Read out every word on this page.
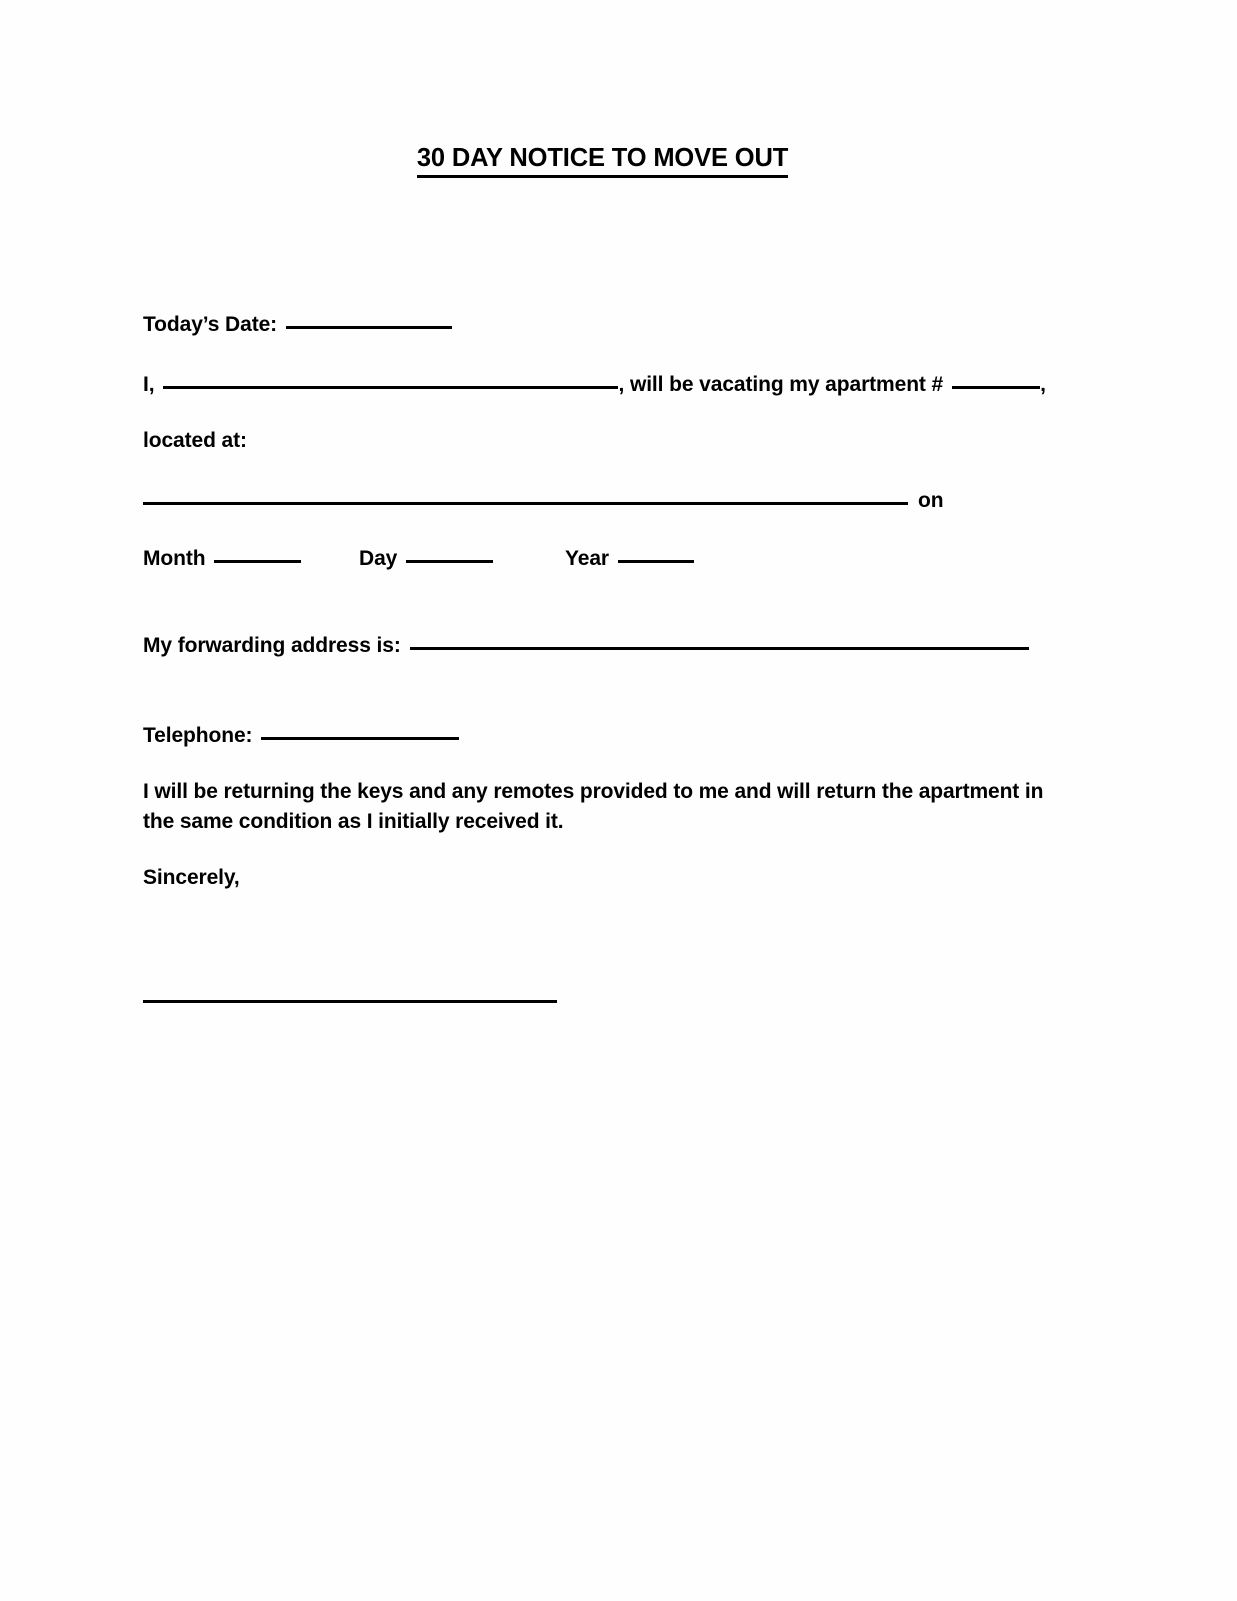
30 DAY NOTICE TO MOVE OUT
Today’s Date:
I,	, will be vacating my apartment #	,
located at:
on
Month	Day	Year
My forwarding address is:
Telephone:

I will be returning the keys and any remotes provided to me and will return the apartment in the same condition as I initially received it.

Sincerely,
